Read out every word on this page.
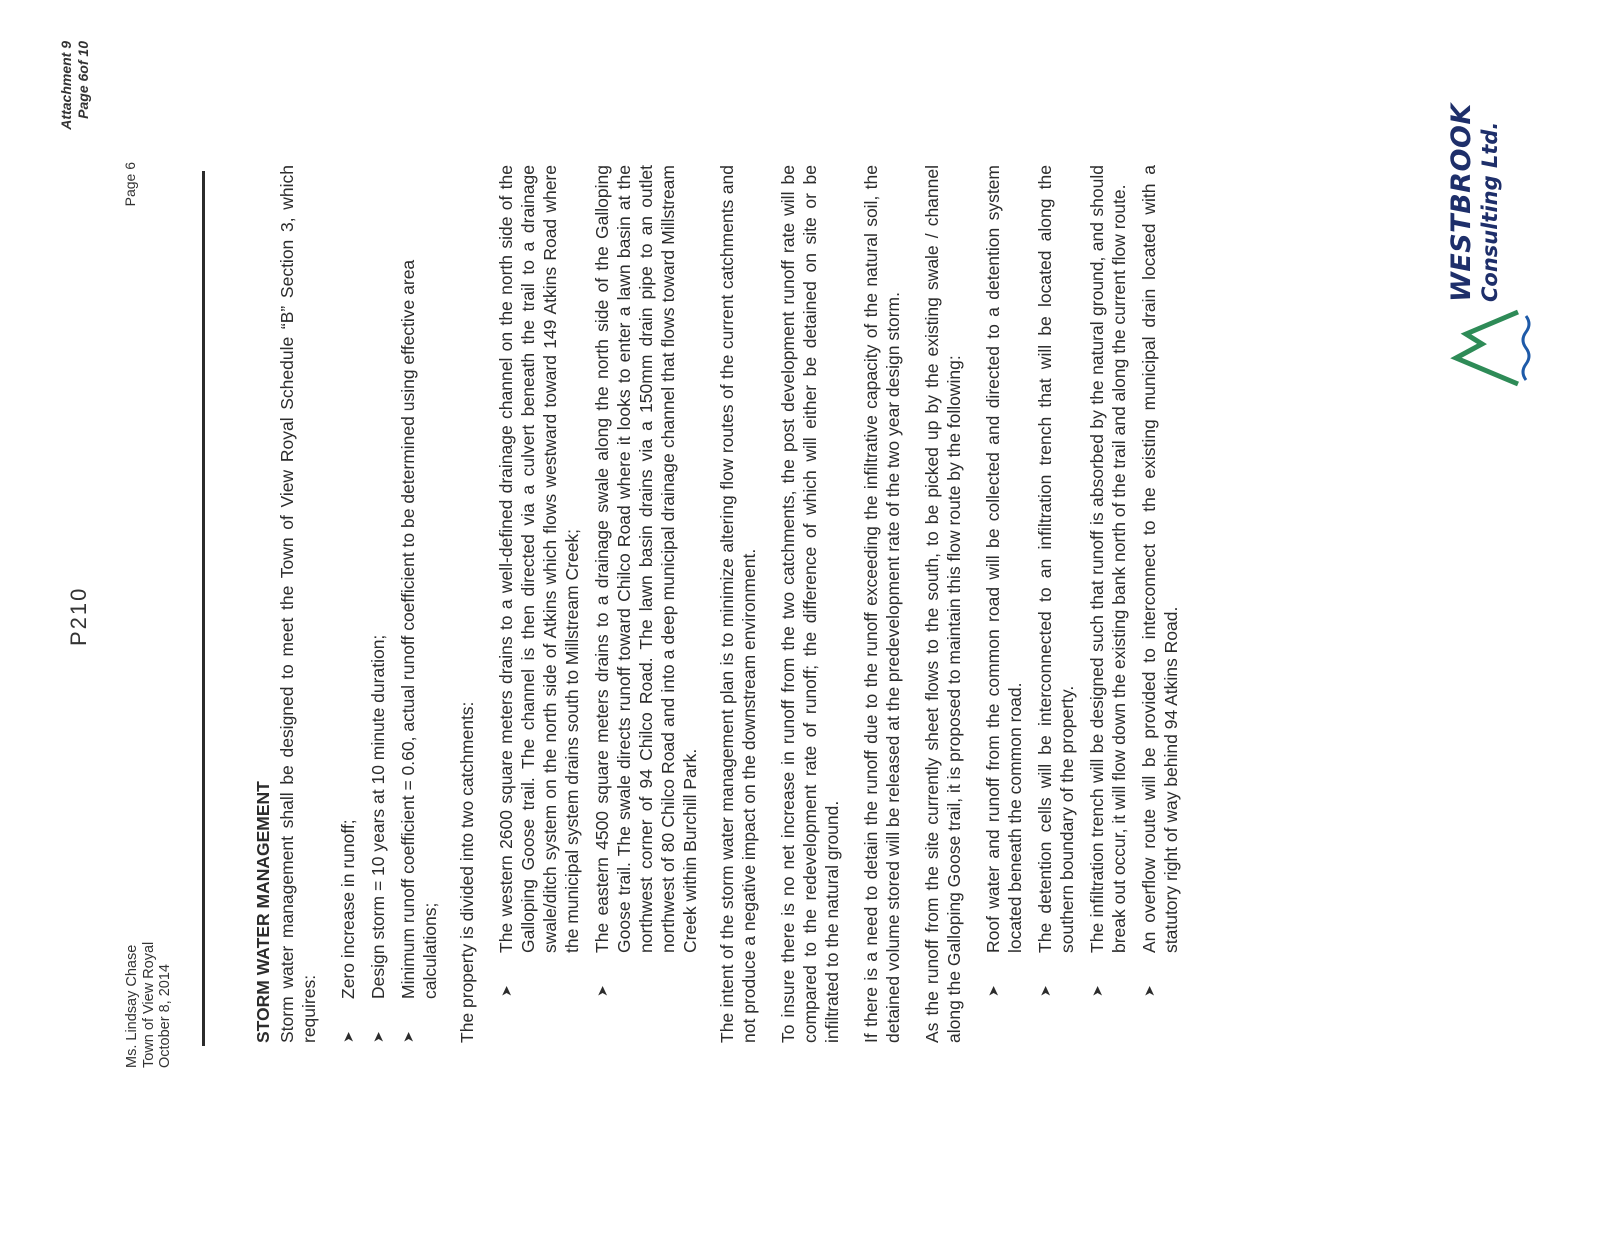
Attachment 9 Page 6of 10
P210
Page 6
Ms. Lindsay Chase Town of View Royal October 8, 2014	STORM WATER MANAGEMENT Storm water management shall be designed to meet the Town of View Royal Schedule “B” Section 3, which requires: ➤
Zero increase in runoff;
➤
Design storm = 10 years at 10 minute duration;
➤
Minimum runoff coefficient = 0.60, actual runoff coefficient to be determined using effective area calculations; The property is divided into two catchments: ➤
The western 2600 square meters drains to a well-defined drainage channel on the north side of the Galloping Goose trail. The channel is then directed via a culvert beneath the trail to a drainage swale/ditch system on the north side of Atkins which flows westward toward 149 Atkins Road where the municipal system drains south to Millstream Creek;
➤
The eastern 4500 square meters drains to a drainage swale along the north side of the Galloping Goose trail. The swale directs runoff toward Chilco Road where it looks to enter a lawn basin at the northwest corner of 94 Chilco Road. The lawn basin drains via a 150mm drain pipe to an outlet northwest of 80 Chilco Road and into a deep municipal drainage channel that flows toward Millstream Creek within Burchill Park. The intent of the storm water management plan is to minimize altering flow routes of the current catchments and not produce a negative impact on the downstream environment. To insure there is no net increase in runoff from the two catchments, the post development runoff rate will be compared to the redevelopment rate of runoff; the difference of which will either be detained on site or be infiltrated to the natural ground. If there is a need to detain the runoff due to the runoff exceeding the infiltrative capacity of the natural soil, the detained volume stored will be released at the predevelopment rate of the two year design storm. As the runoff from the site currently sheet flows to the south, to be picked up by the existing swale / channel along the Galloping Goose trail, it is proposed to maintain this flow route by the following: ➤
Roof water and runoff from the common road will be collected and directed to a detention system located beneath the common road.
➤
The detention cells will be interconnected to an infiltration trench that will be located along the southern boundary of the property.
➤
The infiltration trench will be designed such that runoff is absorbed by the natural ground, and should break out occur, it will flow down the existing bank north of the trail and along the current flow route.
➤
An overflow route will be provided to interconnect to the existing municipal drain located with a statutory right of way behind 94 Atkins Road.
WESTBROOK Consulting Ltd.
